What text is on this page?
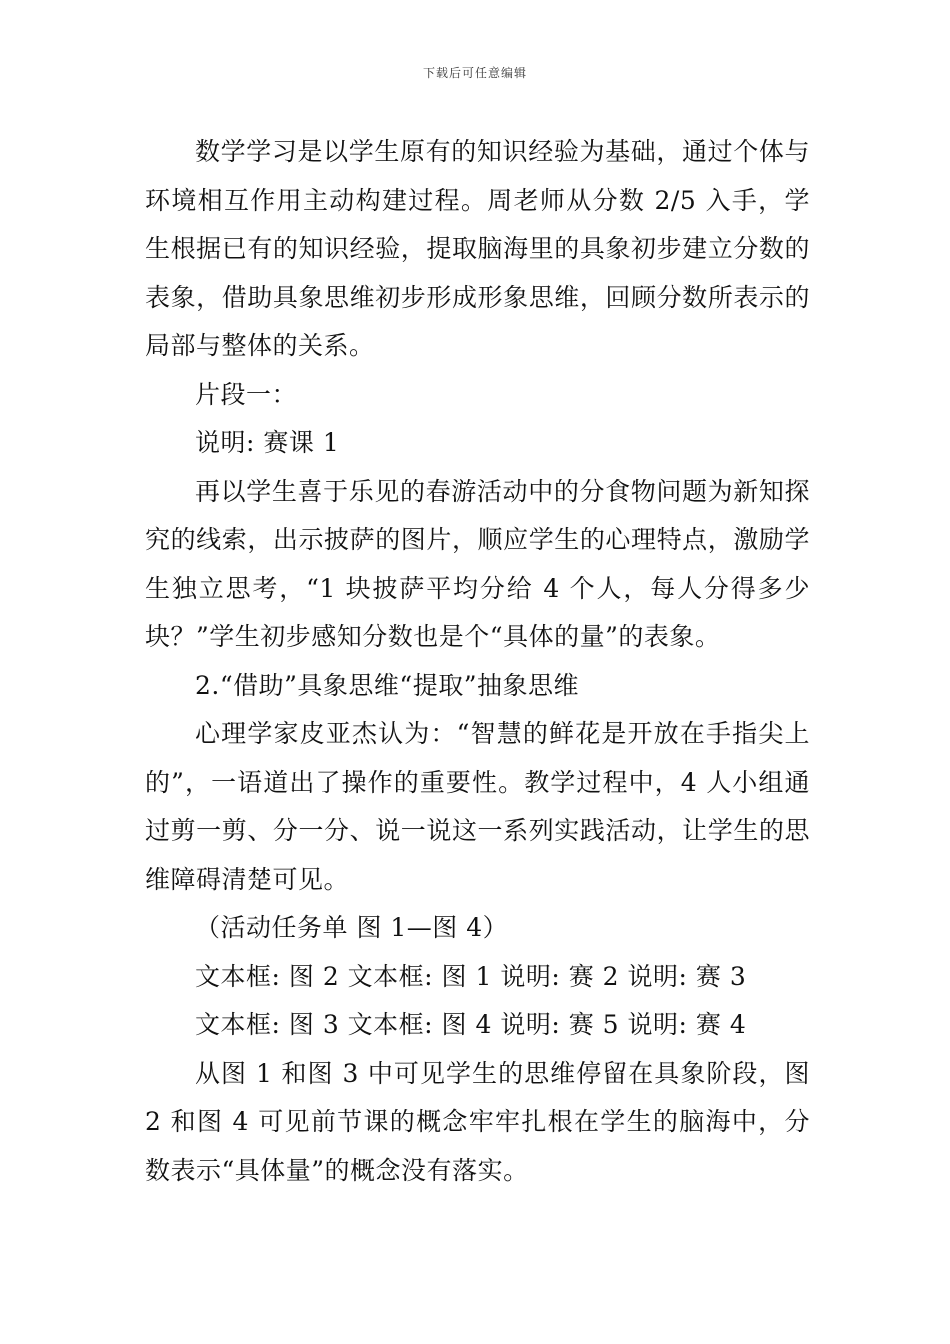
下载后可任意编辑

数学学习是以学生原有的知识经验为基础，通过个体与环境相互作用主动构建过程。周老师从分数 2/5 入手，学生根据已有的知识经验，提取脑海里的具象初步建立分数的表象，借助具象思维初步形成形象思维，回顾分数所表示的局部与整体的关系。

片段一：

说明: 赛课 1

再以学生喜于乐见的春游活动中的分食物问题为新知探究的线索，出示披萨的图片，顺应学生的心理特点，激励学生独立思考，“1 块披萨平均分给 4 个人，每人分得多少块？”学生初步感知分数也是个“具体的量”的表象。

2.“借助”具象思维“提取”抽象思维

心理学家皮亚杰认为：“智慧的鲜花是开放在手指尖上的”，一语道出了操作的重要性。教学过程中，4 人小组通过剪一剪、分一分、说一说这一系列实践活动，让学生的思维障碍清楚可见。

（活动任务单 图 1—图 4）

文本框: 图 2 文本框: 图 1 说明: 赛 2 说明: 赛 3

文本框: 图 3 文本框: 图 4 说明: 赛 5 说明: 赛 4

从图 1 和图 3 中可见学生的思维停留在具象阶段，图 2 和图 4 可见前节课的概念牢牢扎根在学生的脑海中，分数表示“具体量”的概念没有落实。
